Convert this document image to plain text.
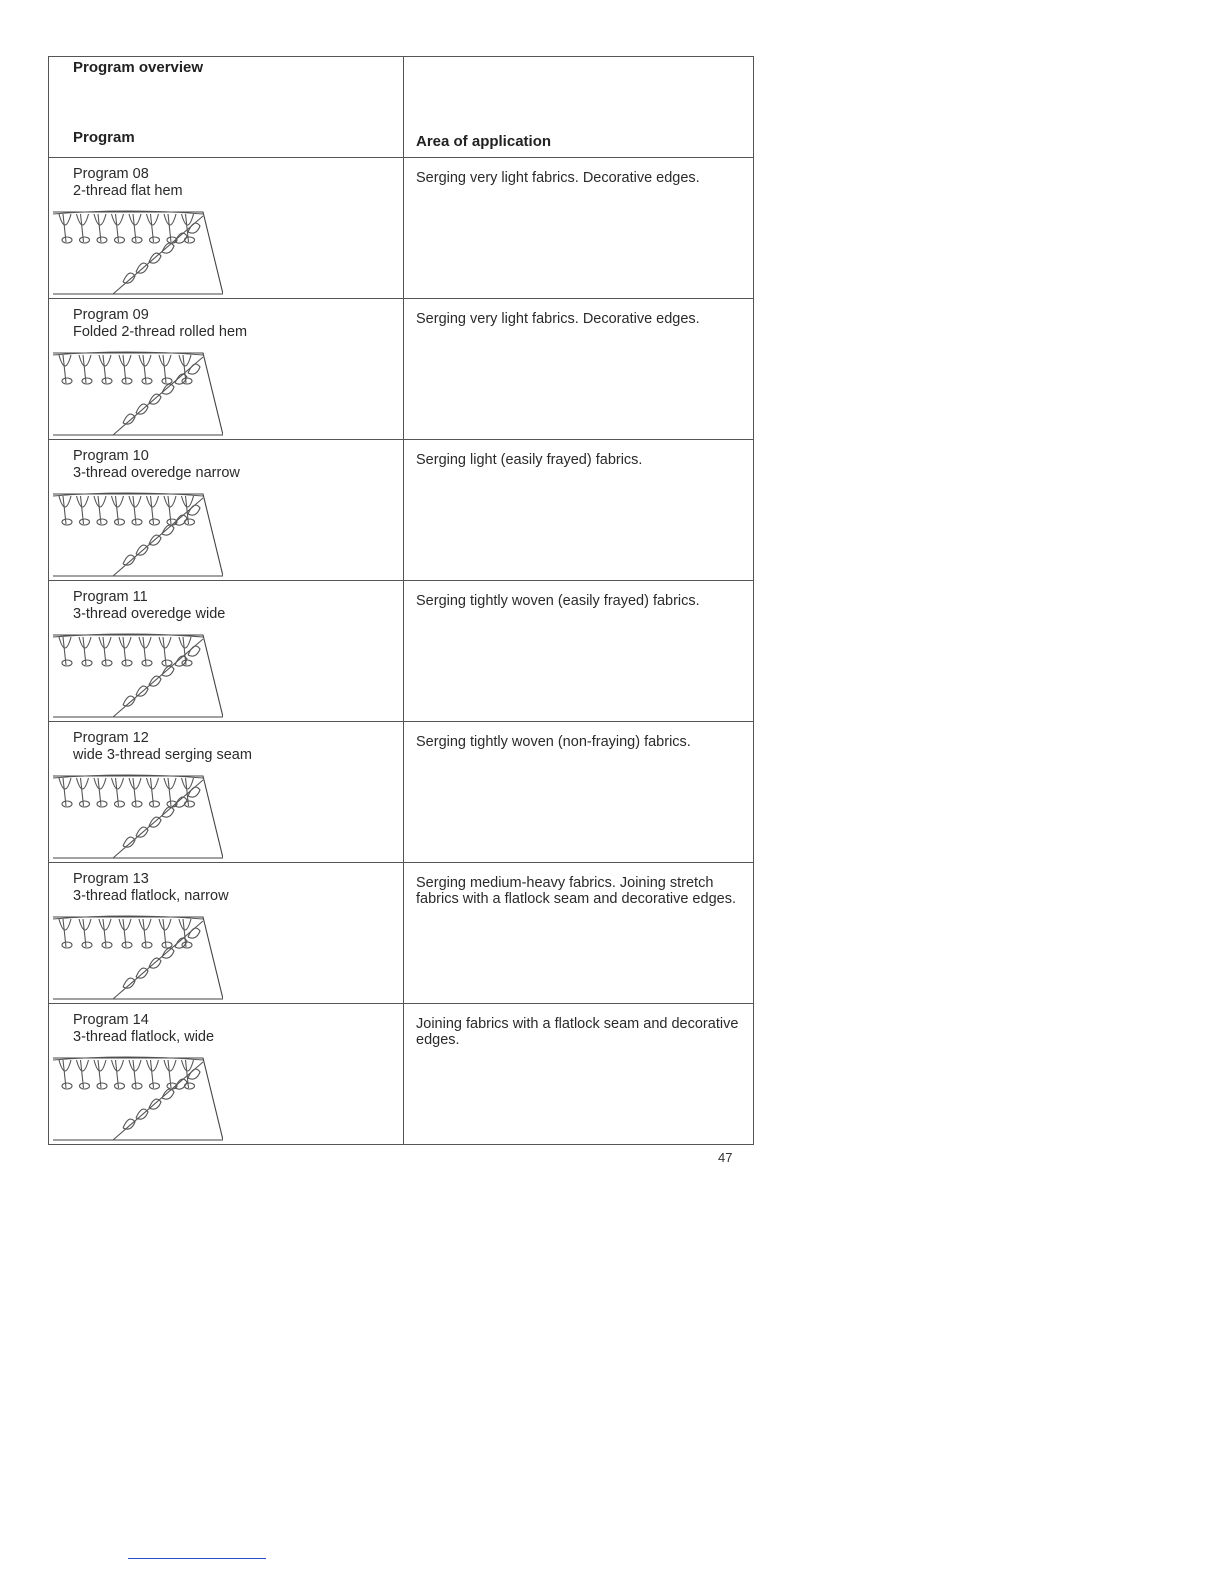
Program overview
Program	Area of application

Program 08
2-thread flat hem	Serging very light fabrics. Decorative edges.

Program 09
Folded 2-thread rolled hem	Serging very light fabrics. Decorative edges.

Program 10
3-thread overedge narrow	Serging light (easily frayed) fabrics.

Program 11
3-thread overedge wide	Serging tightly woven (easily frayed) fabrics.

Program 12
wide 3-thread serging seam	Serging tightly woven (non-fraying) fabrics.

Program 13
3-thread flatlock, narrow	Serging medium-heavy fabrics. Joining stretch fabrics with a flatlock seam and decorative edges.

Program 14
3-thread flatlock, wide	Joining fabrics with a flatlock seam and decorative edges.
47
